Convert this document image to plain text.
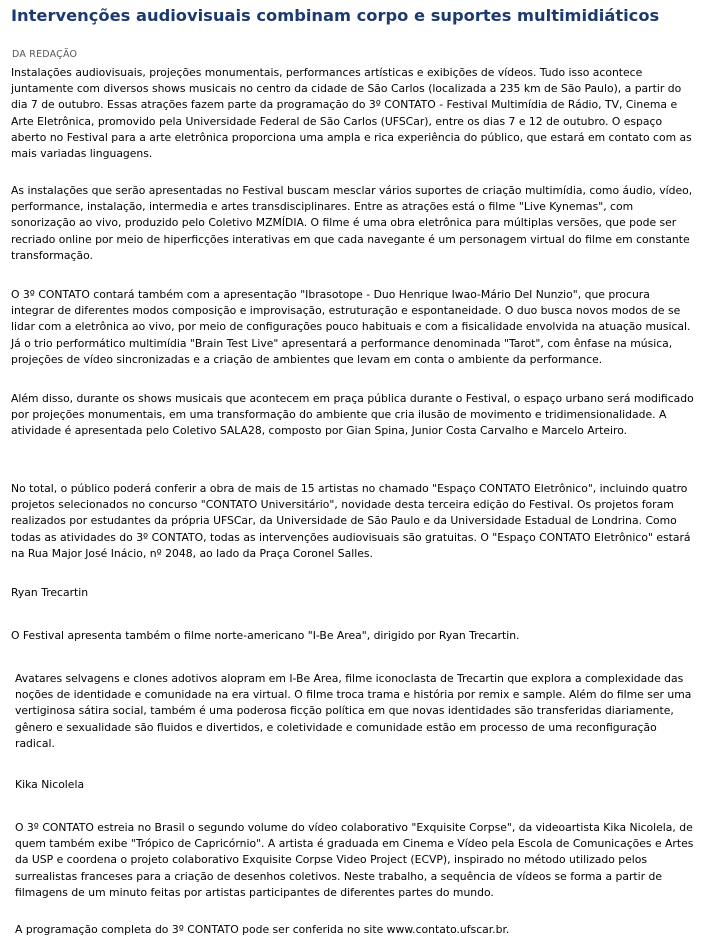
Intervenções audiovisuais combinam corpo e suportes multimidiáticos
DA REDAÇÃO

Instalações audiovisuais, projeções monumentais, performances artísticas e exibições de vídeos. Tudo isso acontece juntamente com diversos shows musicais no centro da cidade de São Carlos (localizada a 235 km de São Paulo), a partir do dia 7 de outubro. Essas atrações fazem parte da programação do 3º CONTATO - Festival Multimídia de Rádio, TV, Cinema e Arte Eletrônica, promovido pela Universidade Federal de São Carlos (UFSCar), entre os dias 7 e 12 de outubro. O espaço aberto no Festival para a arte eletrônica proporciona uma ampla e rica experiência do público, que estará em contato com as mais variadas linguagens.

As instalações que serão apresentadas no Festival buscam mesclar vários suportes de criação multimídia, como áudio, vídeo, performance, instalação, intermedia e artes transdisciplinares. Entre as atrações está o filme "Live Kynemas", com sonorização ao vivo, produzido pelo Coletivo MZMÍDIA. O filme é uma obra eletrônica para múltiplas versões, que pode ser recriado online por meio de hiperficções interativas em que cada navegante é um personagem virtual do filme em constante transformação.

O 3º CONTATO contará também com a apresentação "Ibrasotope - Duo Henrique Iwao-Mário Del Nunzio", que procura integrar de diferentes modos composição e improvisação, estruturação e espontaneidade. O duo busca novos modos de se lidar com a eletrônica ao vivo, por meio de configurações pouco habituais e com a fisicalidade envolvida na atuação musical. Já o trio performático multimídia "Brain Test Live" apresentará a performance denominada "Tarot", com ênfase na música, projeções de vídeo sincronizadas e a criação de ambientes que levam em conta o ambiente da performance.

Além disso, durante os shows musicais que acontecem em praça pública durante o Festival, o espaço urbano será modificado por projeções monumentais, em uma transformação do ambiente que cria ilusão de movimento e tridimensionalidade. A atividade é apresentada pelo Coletivo SALA28, composto por Gian Spina, Junior Costa Carvalho e Marcelo Arteiro.

No total, o público poderá conferir a obra de mais de 15 artistas no chamado "Espaço CONTATO Eletrônico", incluindo quatro projetos selecionados no concurso "CONTATO Universitário", novidade desta terceira edição do Festival. Os projetos foram realizados por estudantes da própria UFSCar, da Universidade de São Paulo e da Universidade Estadual de Londrina. Como todas as atividades do 3º CONTATO, todas as intervenções audiovisuais são gratuitas. O "Espaço CONTATO Eletrônico" estará na Rua Major José Inácio, nº 2048, ao lado da Praça Coronel Salles.

Ryan Trecartin

O Festival apresenta também o filme norte-americano "I-Be Area", dirigido por Ryan Trecartin.

Avatares selvagens e clones adotivos alopram em I-Be Area, filme iconoclasta de Trecartin que explora a complexidade das noções de identidade e comunidade na era virtual. O filme troca trama e história por remix e sample. Além do filme ser uma vertiginosa sátira social, também é uma poderosa ficção política em que novas identidades são transferidas diariamente, gênero e sexualidade são fluidos e divertidos, e coletividade e comunidade estão em processo de uma reconfiguração radical.

Kika Nicolela

O 3º CONTATO estreia no Brasil o segundo volume do vídeo colaborativo "Exquisite Corpse", da videoartista Kika Nicolela, de quem também exibe "Trópico de Capricórnio". A artista é graduada em Cinema e Vídeo pela Escola de Comunicações e Artes da USP e coordena o projeto colaborativo Exquisite Corpse Video Project (ECVP), inspirado no método utilizado pelos surrealistas franceses para a criação de desenhos coletivos. Neste trabalho, a sequência de vídeos se forma a partir de filmagens de um minuto feitas por artistas participantes de diferentes partes do mundo.

A programação completa do 3º CONTATO pode ser conferida no site www.contato.ufscar.br.
